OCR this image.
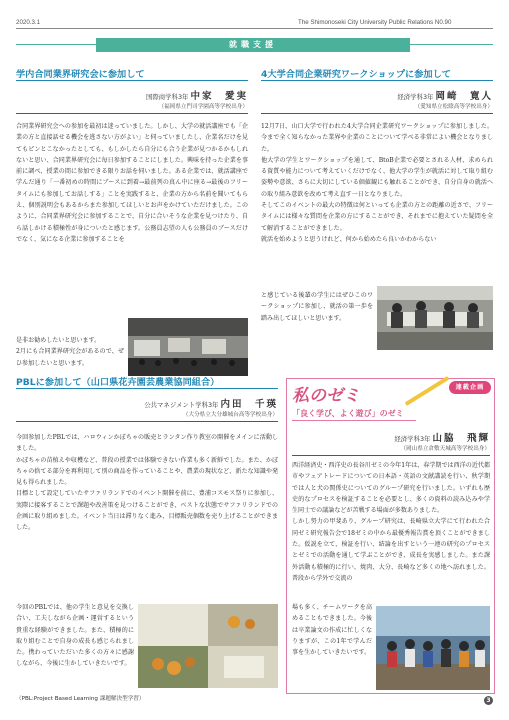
2020.3.1	The Shimonoseki City University Public Relations N0.90
就職支援
学内合同業界研究会に参加して
国際商学科3年 中家　愛実
（福岡県立門司学園高等学校出身）
合同業界研究会への参加を最初は迷っていました。しかし、大学の就活講座でも「企業の方と直接話せる機会を逃さない方がよい」と伺っていましたし、企業名だけを見てもピンとこなかったとしても、もしかしたら自分にも合う企業が見つかるかもしれないと思い、合同業界研究会に毎日参加することにしました。興味を持った企業を事前に調べ、授業の間に参加できる限りお話を伺いました。ある企業では、就活講座で学んだ通り「一番初めの時間にブースに到着→最前列の真ん中に座る→最後のフリータイムにも参加してお話しする」ことを実践すると、企業の方から名前を聞いてもらえ、個別説明会もあるからまた参加してほしいとお声をかけていただけました。このように、合同業界研究会に参加することで、自分に合いそうな企業を見つけたり、自ら話しかける積極性が身についたと感じます。公務員志望の人も公務員のブースだけでなく、気になる企業に参加することを
是非お勧めしたいと思います。
2月にも合同業界研究会があるので、ぜひ参加したいと思います。
4大学合同企業研究ワークショップに参加して
経済学科3年 岡崎　寛人
（愛知県立松陰高等学校出身）
12月7日、山口大学で行われた4大学合同企業研究ワークショップに参加しました。今まで全く知らなかった業界や企業のことについて学べる非常によい機会となりました。
他大学の学生とワークショップを通して、BtoB企業で必要とされる人材、求められる資質や能力について考えていくだけでなく、他大学の学生が就活に対して取り組む姿勢や意欲、さらに大切にしている価値観にも触れることができ、自分自身の就活への取り組み意欲を改めて考え直す一日となりました。
そしてこのイベントの最大の特徴は何といっても企業の方との距離の近さで、フリータイムには様々な質問を企業の方にすることができ、それまでに抱えていた疑問を全て解消することができました。
就活を始めようと思うけれど、何から始めたら良いかわからない
と感じている後輩の学生にはぜひこのワークショップに参加し、就活の第一歩を踏み出してほしいと思います。
PBLに参加して（山口県花卉園芸農業協同組合）
公共マネジメント学科3年 内田　千瑛
（大分県立大分雄城台高等学校出身）
今回参加したPBLでは、ハロウィンかぼちゃの販売とランタン作り教室の開催をメインに活動しました。
かぼちゃの苗植えや収穫など、普段の授業では体験できない作業も多く新鮮でした。また、かぼちゃの捨てる部分を再利用して別の商品を作っていることや、農業の現状など、新たな知識や発見も得られました。
目標として設定していたサファリランドでのイベント開催を前に、豊浦コスモス祭りに参加し、実際に接客することで課題や改善策を見つけることができ、ベストな状態でサファリランドでの企画に取り組めました。イベント当日は滞りなく進み、目標販売個数を売り上げることができました。
今回のPBLでは、他の学生と意見を交換し合い、工夫しながら企画・運営するという貴重な経験ができました。また、積極的に取り組むことで自身の成長も感じられました。携わっていただいた多くの方々に感謝しながら、今後に生かしていきたいです。
（PBL:Project Based Learning 課題解決型学習）
私のゼミ	連載企画
「良く学び、よく遊び」のゼミ
経済学科3年 山脇　飛輝
（岡山県立倉敷天城高等学校出身）
西洋経済史・西洋史の長谷川ゼミの今年1年は、春学期では西洋の近代都市やフェアトレードについての日本語・英語の文献講読を行い、秋学期では人と犬の関係史についてのグループ研究を行いました。いずれも歴史的なプロセスを検証することを必要とし、多くの資料の読み込みや学生同士での議論などが苦戦する場面が多数ありました。
しかし努力の甲斐あり、グループ研究は、長崎県立大学にて行われた合同ゼミ研究報告会で18ゼミの中から最優秀報告賞を頂くことができました。仮説を立て、検証を行い、結論を出すという一連の研究のプロセスとゼミでの活動を通して学ぶことができ、成長を実感しました。また課外活動も積極的に行い、焼肉、大分、長崎など多くの地へ訪れました。普段から学外で交流の
場も多く、チームワークを高めることもできました。今後は卒業論文の作成に忙しくなりますが、この1年で学んだ事を生かしていきたいです。
3
